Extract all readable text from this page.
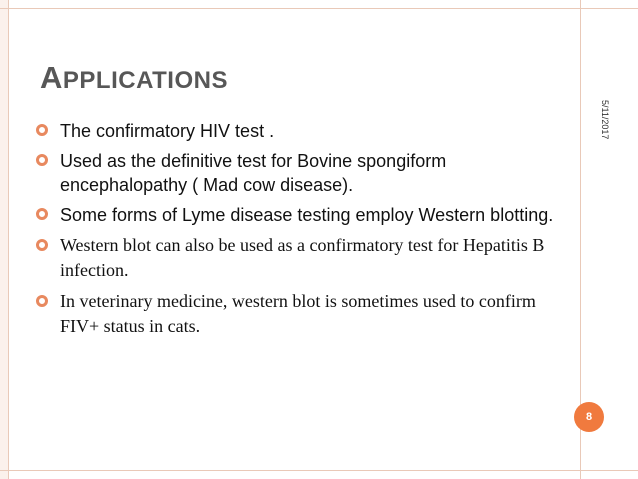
APPLICATIONS
5/11/2017
The confirmatory HIV test .
Used as the definitive test for Bovine spongiform encephalopathy ( Mad cow disease).
Some forms of Lyme disease testing employ Western blotting.
Western blot can also be used as a confirmatory test for Hepatitis B infection.
In veterinary medicine, western blot is sometimes used to confirm FIV+ status in cats.
8
